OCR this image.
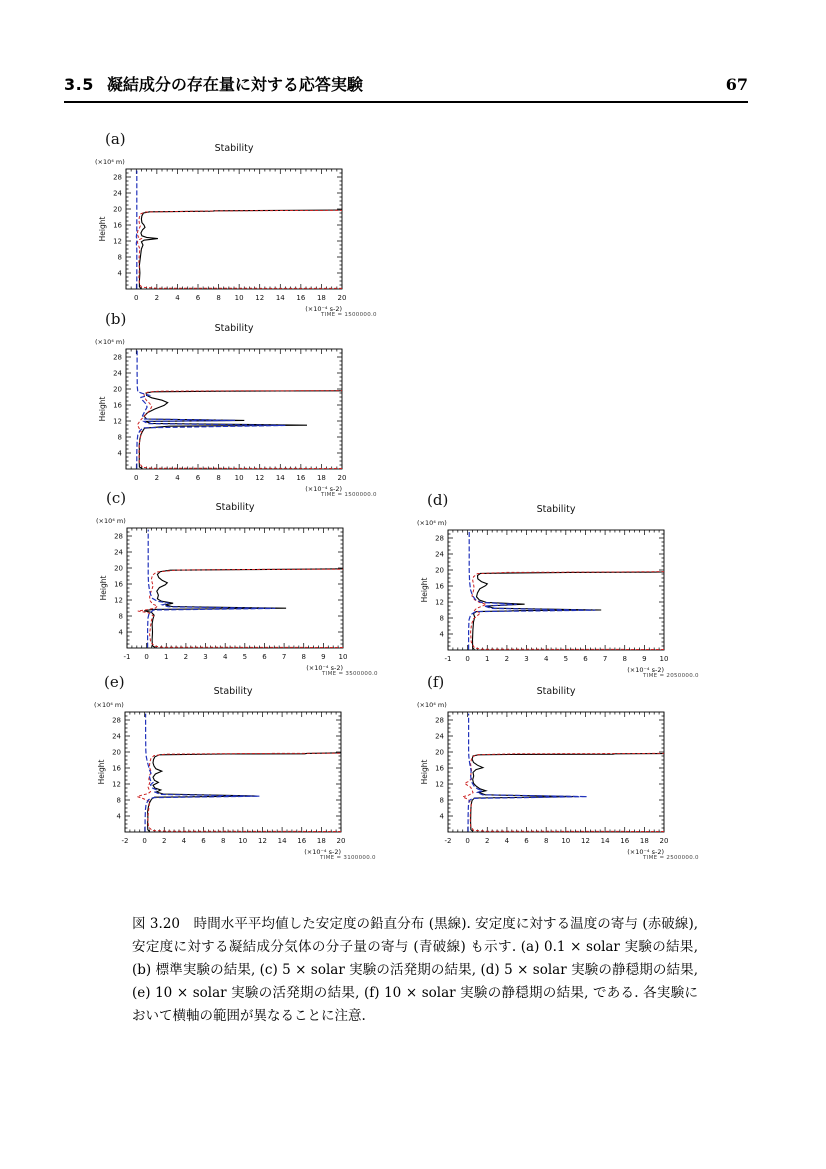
3.5 凝結成分の存在量に対する応答実験	67
(a)
TIME = 1500000.0
0 2 4 6 8 10 12 14 16 18 20
4
8
12
16
20
24
28
Stability
(×10⁴ m)
(×10⁻⁴ s-2)
Height
(b)
TIME = 1500000.0
0 2 4 6 8 10 12 14 16 18 20
4
8
12
16
20
24
28
Stability
(×10⁴ m)
(×10⁻⁴ s-2)
Height
(c)
TIME = 3500000.0
-1 0 1 2 3 4 5 6 7 8 9 10
4
8
12
16
20
24
28
Stability
(×10⁴ m)
(×10⁻⁴ s-2)
Height
(d)
TIME = 2050000.0
-1 0 1 2 3 4 5 6 7 8 9 10
4
8
12
16
20
24
28
Stability
(×10⁴ m)
(×10⁻⁴ s-2)
Height
(e)
TIME = 3100000.0
-2 0 2 4 6 8 10 12 14 16 18 20
4
8
12
16
20
24
28
Stability
(×10⁴ m)
(×10⁻⁴ s-2)
Height
(f)
TIME = 2500000.0
-2 0 2 4 6 8 10 12 14 16 18 20
4
8
12
16
20
24
28
Stability
(×10⁴ m)
(×10⁻⁴ s-2)
Height

図 3.20　時間水平平均値した安定度の鉛直分布 (黒線). 安定度に対する温度の寄与 (赤破線), 安定度に対する凝結成分気体の分子量の寄与 (青破線) も示す. (a) 0.1 × solar 実験の結果, (b) 標準実験の結果, (c) 5 × solar 実験の活発期の結果, (d) 5 × solar 実験の静穏期の結果, (e) 10 × solar 実験の活発期の結果, (f) 10 × solar 実験の静穏期の結果, である. 各実験において横軸の範囲が異なることに注意.
